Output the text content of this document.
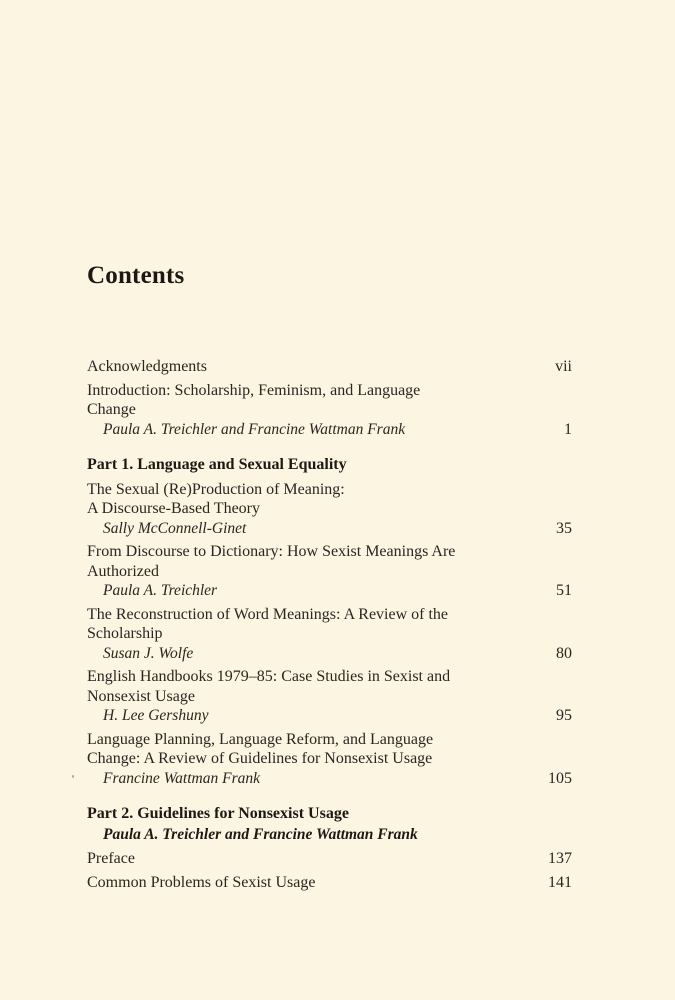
Contents
Acknowledgments	vii
Introduction: Scholarship, Feminism, and Language
Change
Paula A. Treichler and Francine Wattman Frank	1
Part 1. Language and Sexual Equality
The Sexual (Re)Production of Meaning:
A Discourse-Based Theory
Sally McConnell-Ginet	35
From Discourse to Dictionary: How Sexist Meanings Are
Authorized
Paula A. Treichler	51
The Reconstruction of Word Meanings: A Review of the
Scholarship
Susan J. Wolfe	80
English Handbooks 1979–85: Case Studies in Sexist and
Nonsexist Usage
H. Lee Gershuny	95
Language Planning, Language Reform, and Language
Change: A Review of Guidelines for Nonsexist Usage
Francine Wattman Frank	105
Part 2. Guidelines for Nonsexist Usage
Paula A. Treichler and Francine Wattman Frank
Preface	137
Common Problems of Sexist Usage	141
